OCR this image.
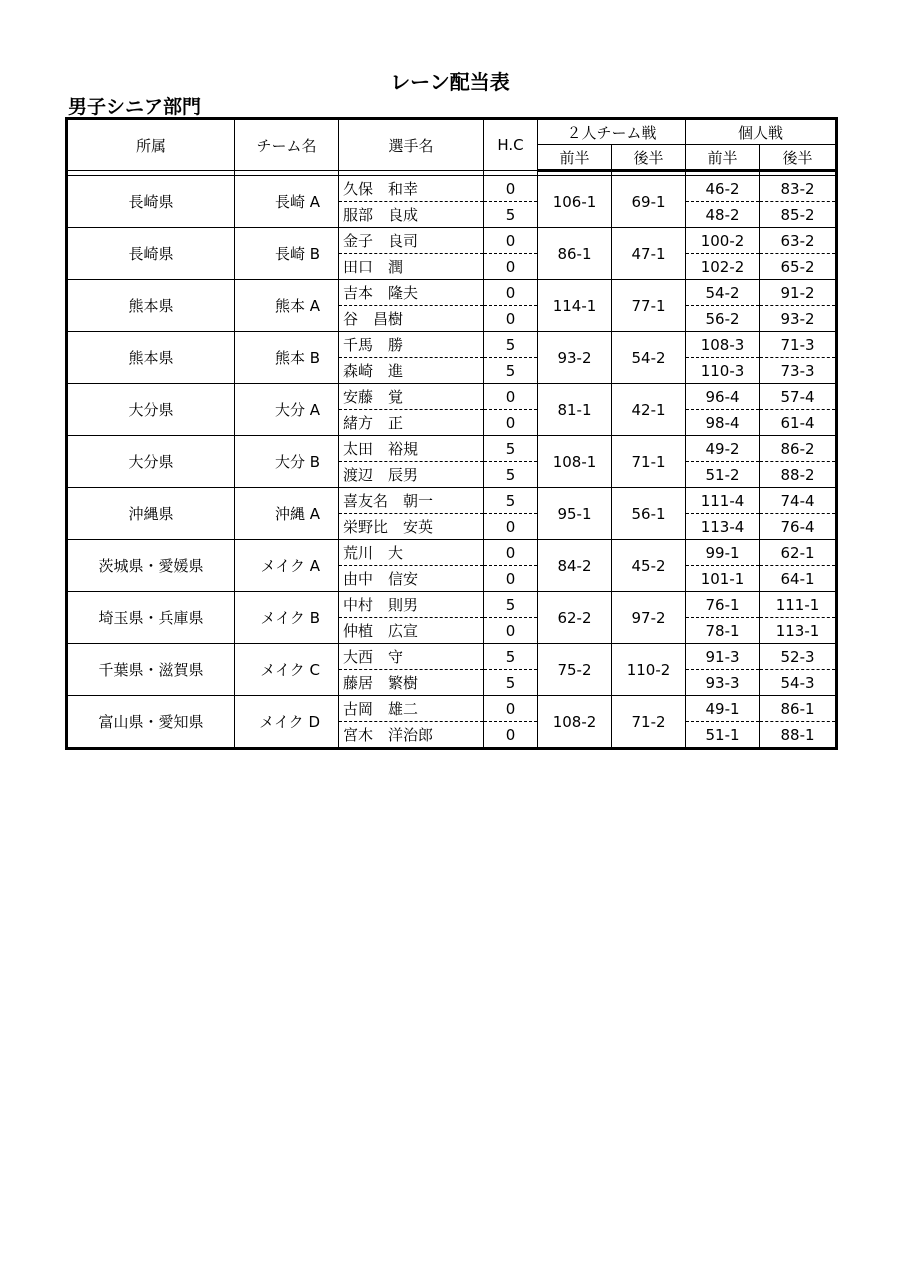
レーン配当表
男子シニア部門
所属	チーム名	選手名	H.C	２人チーム戦		個人戦	
				前半	後半	前半	後半

長崎県	長崎 A	久保　和幸	0	106-1	69-1	46-2	83-2
		服部　良成	5			48-2	85-2
長崎県	長崎 B	金子　良司	0	86-1	47-1	100-2	63-2
		田口　潤	0			102-2	65-2
熊本県	熊本 A	吉本　隆夫	0	114-1	77-1	54-2	91-2
		谷　昌樹	0			56-2	93-2
熊本県	熊本 B	千馬　勝	5	93-2	54-2	108-3	71-3
		森崎　進	5			110-3	73-3
大分県	大分 A	安藤　覚	0	81-1	42-1	96-4	57-4
		緒方　正	0			98-4	61-4
大分県	大分 B	太田　裕規	5	108-1	71-1	49-2	86-2
		渡辺　辰男	5			51-2	88-2
沖縄県	沖縄 A	喜友名　朝一	5	95-1	56-1	111-4	74-4
		栄野比　安英	0			113-4	76-4
茨城県・愛媛県	メイク A	荒川　大	0	84-2	45-2	99-1	62-1
		由中　信安	0			101-1	64-1
埼玉県・兵庫県	メイク B	中村　則男	5	62-2	97-2	76-1	111-1
		仲植　広宣	0			78-1	113-1
千葉県・滋賀県	メイク C	大西　守	5	75-2	110-2	91-3	52-3
		藤居　繁樹	5			93-3	54-3
富山県・愛知県	メイク D	古岡　雄二	0	108-2	71-2	49-1	86-1
		宮木　洋治郎	0			51-1	88-1
